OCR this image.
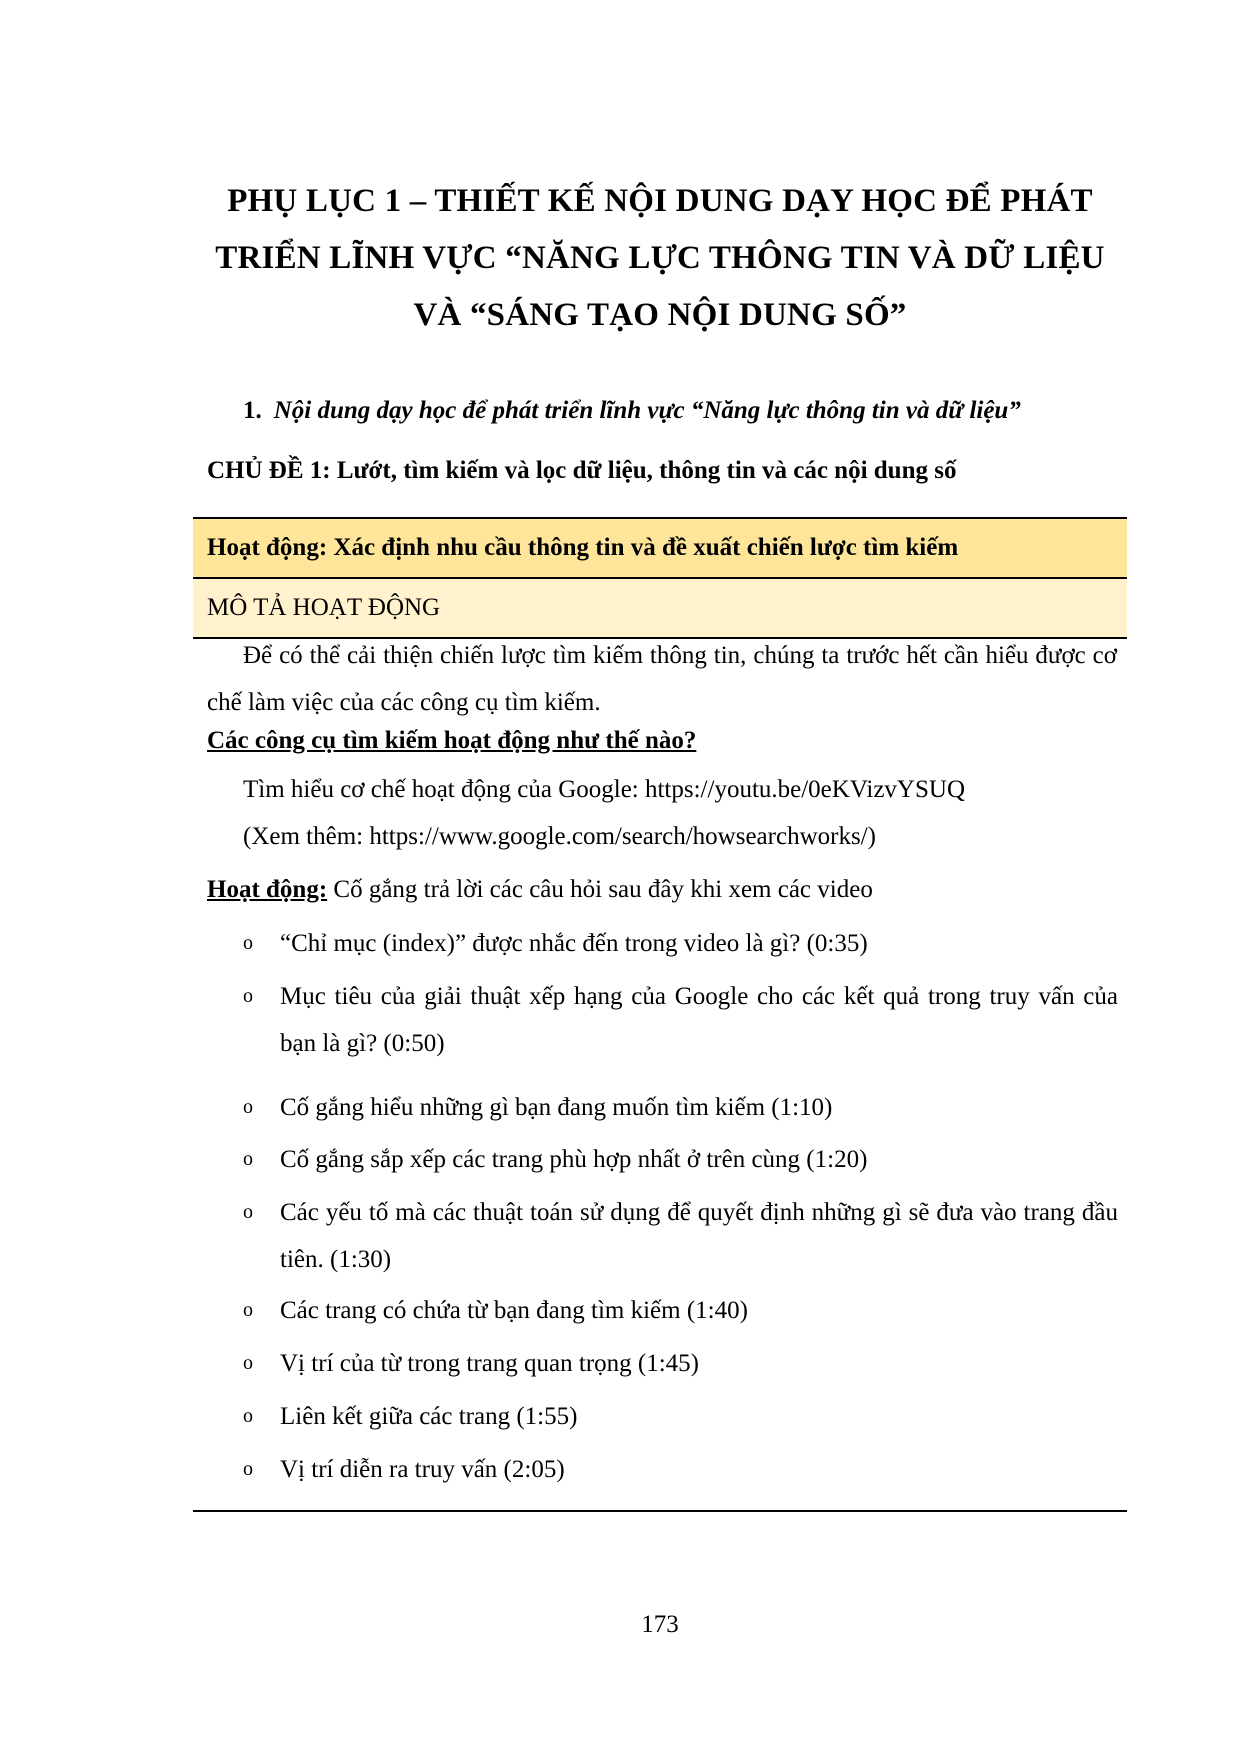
PHỤ LỤC 1 – THIẾT KẾ NỘI DUNG DẠY HỌC ĐỂ PHÁT
TRIỂN LĨNH VỰC “NĂNG LỰC THÔNG TIN VÀ DỮ LIỆU
VÀ “SÁNG TẠO NỘI DUNG SỐ”
1. Nội dung dạy học để phát triển lĩnh vực “Năng lực thông tin và dữ liệu”
CHỦ ĐỀ 1: Lướt, tìm kiếm và lọc dữ liệu, thông tin và các nội dung số
Hoạt động: Xác định nhu cầu thông tin và đề xuất chiến lược tìm kiếm
MÔ TẢ HOẠT ĐỘNG
Để có thể cải thiện chiến lược tìm kiếm thông tin, chúng ta trước hết cần hiểu được cơ chế làm việc của các công cụ tìm kiếm.
Các công cụ tìm kiếm hoạt động như thế nào?
Tìm hiểu cơ chế hoạt động của Google: https://youtu.be/0eKVizvYSUQ
(Xem thêm: https://www.google.com/search/howsearchworks/)
Hoạt động: Cố gắng trả lời các câu hỏi sau đây khi xem các video
o “Chỉ mục (index)” được nhắc đến trong video là gì? (0:35)
o Mục tiêu của giải thuật xếp hạng của Google cho các kết quả trong truy vấn của bạn là gì? (0:50)
o Cố gắng hiểu những gì bạn đang muốn tìm kiếm (1:10)
o Cố gắng sắp xếp các trang phù hợp nhất ở trên cùng (1:20)
o Các yếu tố mà các thuật toán sử dụng để quyết định những gì sẽ đưa vào trang đầu tiên. (1:30)
o Các trang có chứa từ bạn đang tìm kiếm (1:40)
o Vị trí của từ trong trang quan trọng (1:45)
o Liên kết giữa các trang (1:55)
o Vị trí diễn ra truy vấn (2:05)
173
